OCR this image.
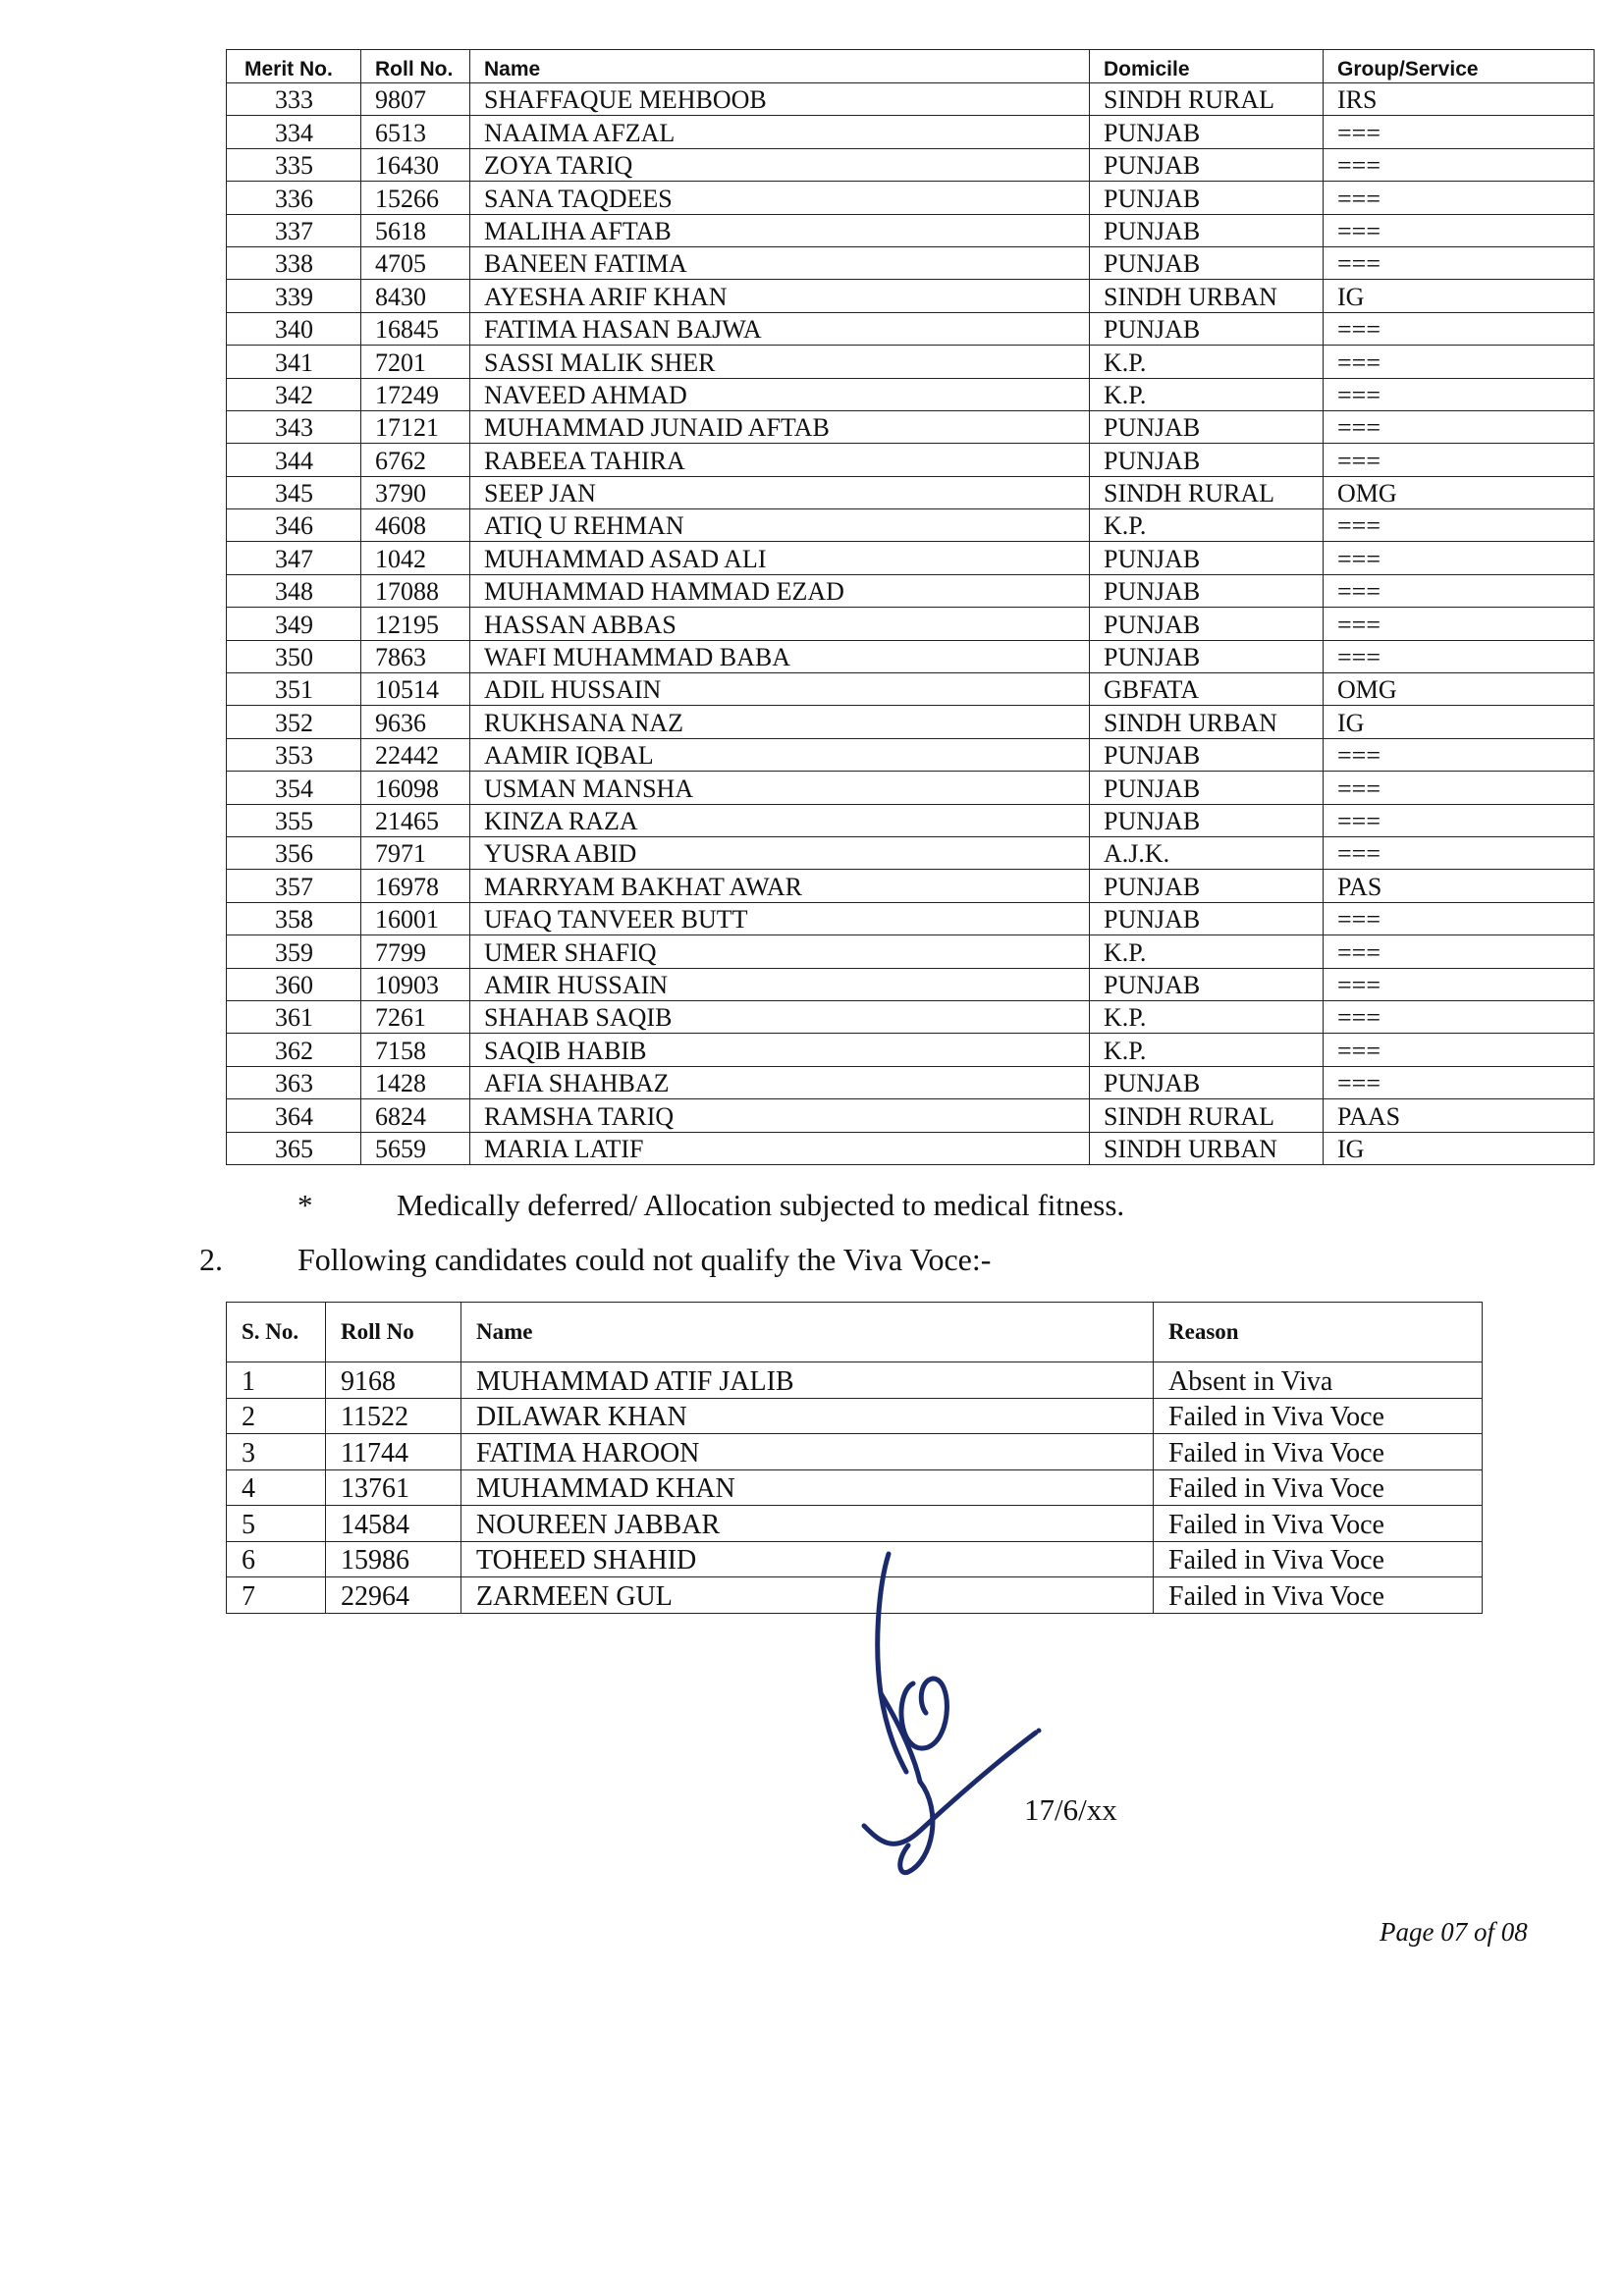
Merit No.	Roll No.	Name	Domicile	Group/Service
333	9807	SHAFFAQUE MEHBOOB	SINDH RURAL	IRS
334	6513	NAAIMA AFZAL	PUNJAB	===
335	16430	ZOYA TARIQ	PUNJAB	===
336	15266	SANA TAQDEES	PUNJAB	===
337	5618	MALIHA AFTAB	PUNJAB	===
338	4705	BANEEN FATIMA	PUNJAB	===
339	8430	AYESHA ARIF KHAN	SINDH URBAN	IG
340	16845	FATIMA HASAN BAJWA	PUNJAB	===
341	7201	SASSI MALIK SHER	K.P.	===
342	17249	NAVEED AHMAD	K.P.	===
343	17121	MUHAMMAD JUNAID AFTAB	PUNJAB	===
344	6762	RABEEA TAHIRA	PUNJAB	===
345	3790	SEEP JAN	SINDH RURAL	OMG
346	4608	ATIQ U REHMAN	K.P.	===
347	1042	MUHAMMAD ASAD ALI	PUNJAB	===
348	17088	MUHAMMAD HAMMAD EZAD	PUNJAB	===
349	12195	HASSAN ABBAS	PUNJAB	===
350	7863	WAFI MUHAMMAD BABA	PUNJAB	===
351	10514	ADIL HUSSAIN	GBFATA	OMG
352	9636	RUKHSANA NAZ	SINDH URBAN	IG
353	22442	AAMIR IQBAL	PUNJAB	===
354	16098	USMAN MANSHA	PUNJAB	===
355	21465	KINZA RAZA	PUNJAB	===
356	7971	YUSRA ABID	A.J.K.	===
357	16978	MARRYAM BAKHAT AWAR	PUNJAB	PAS
358	16001	UFAQ TANVEER BUTT	PUNJAB	===
359	7799	UMER SHAFIQ	K.P.	===
360	10903	AMIR HUSSAIN	PUNJAB	===
361	7261	SHAHAB SAQIB	K.P.	===
362	7158	SAQIB HABIB	K.P.	===
363	1428	AFIA SHAHBAZ	PUNJAB	===
364	6824	RAMSHA TARIQ	SINDH RURAL	PAAS
365	5659	MARIA LATIF	SINDH URBAN	IG
*	Medically deferred/ Allocation subjected to medical fitness.
2. Following candidates could not qualify the Viva Voce:-
S. No.	Roll No	Name	Reason
1	9168	MUHAMMAD ATIF JALIB	Absent in Viva
2	11522	DILAWAR KHAN	Failed in Viva Voce
3	11744	FATIMA HAROON	Failed in Viva Voce
4	13761	MUHAMMAD KHAN	Failed in Viva Voce
5	14584	NOUREEN JABBAR	Failed in Viva Voce
6	15986	TOHEED SHAHID	Failed in Viva Voce
7	22964	ZARMEEN GUL	Failed in Viva Voce
17/6/xx
Page 07 of 08
